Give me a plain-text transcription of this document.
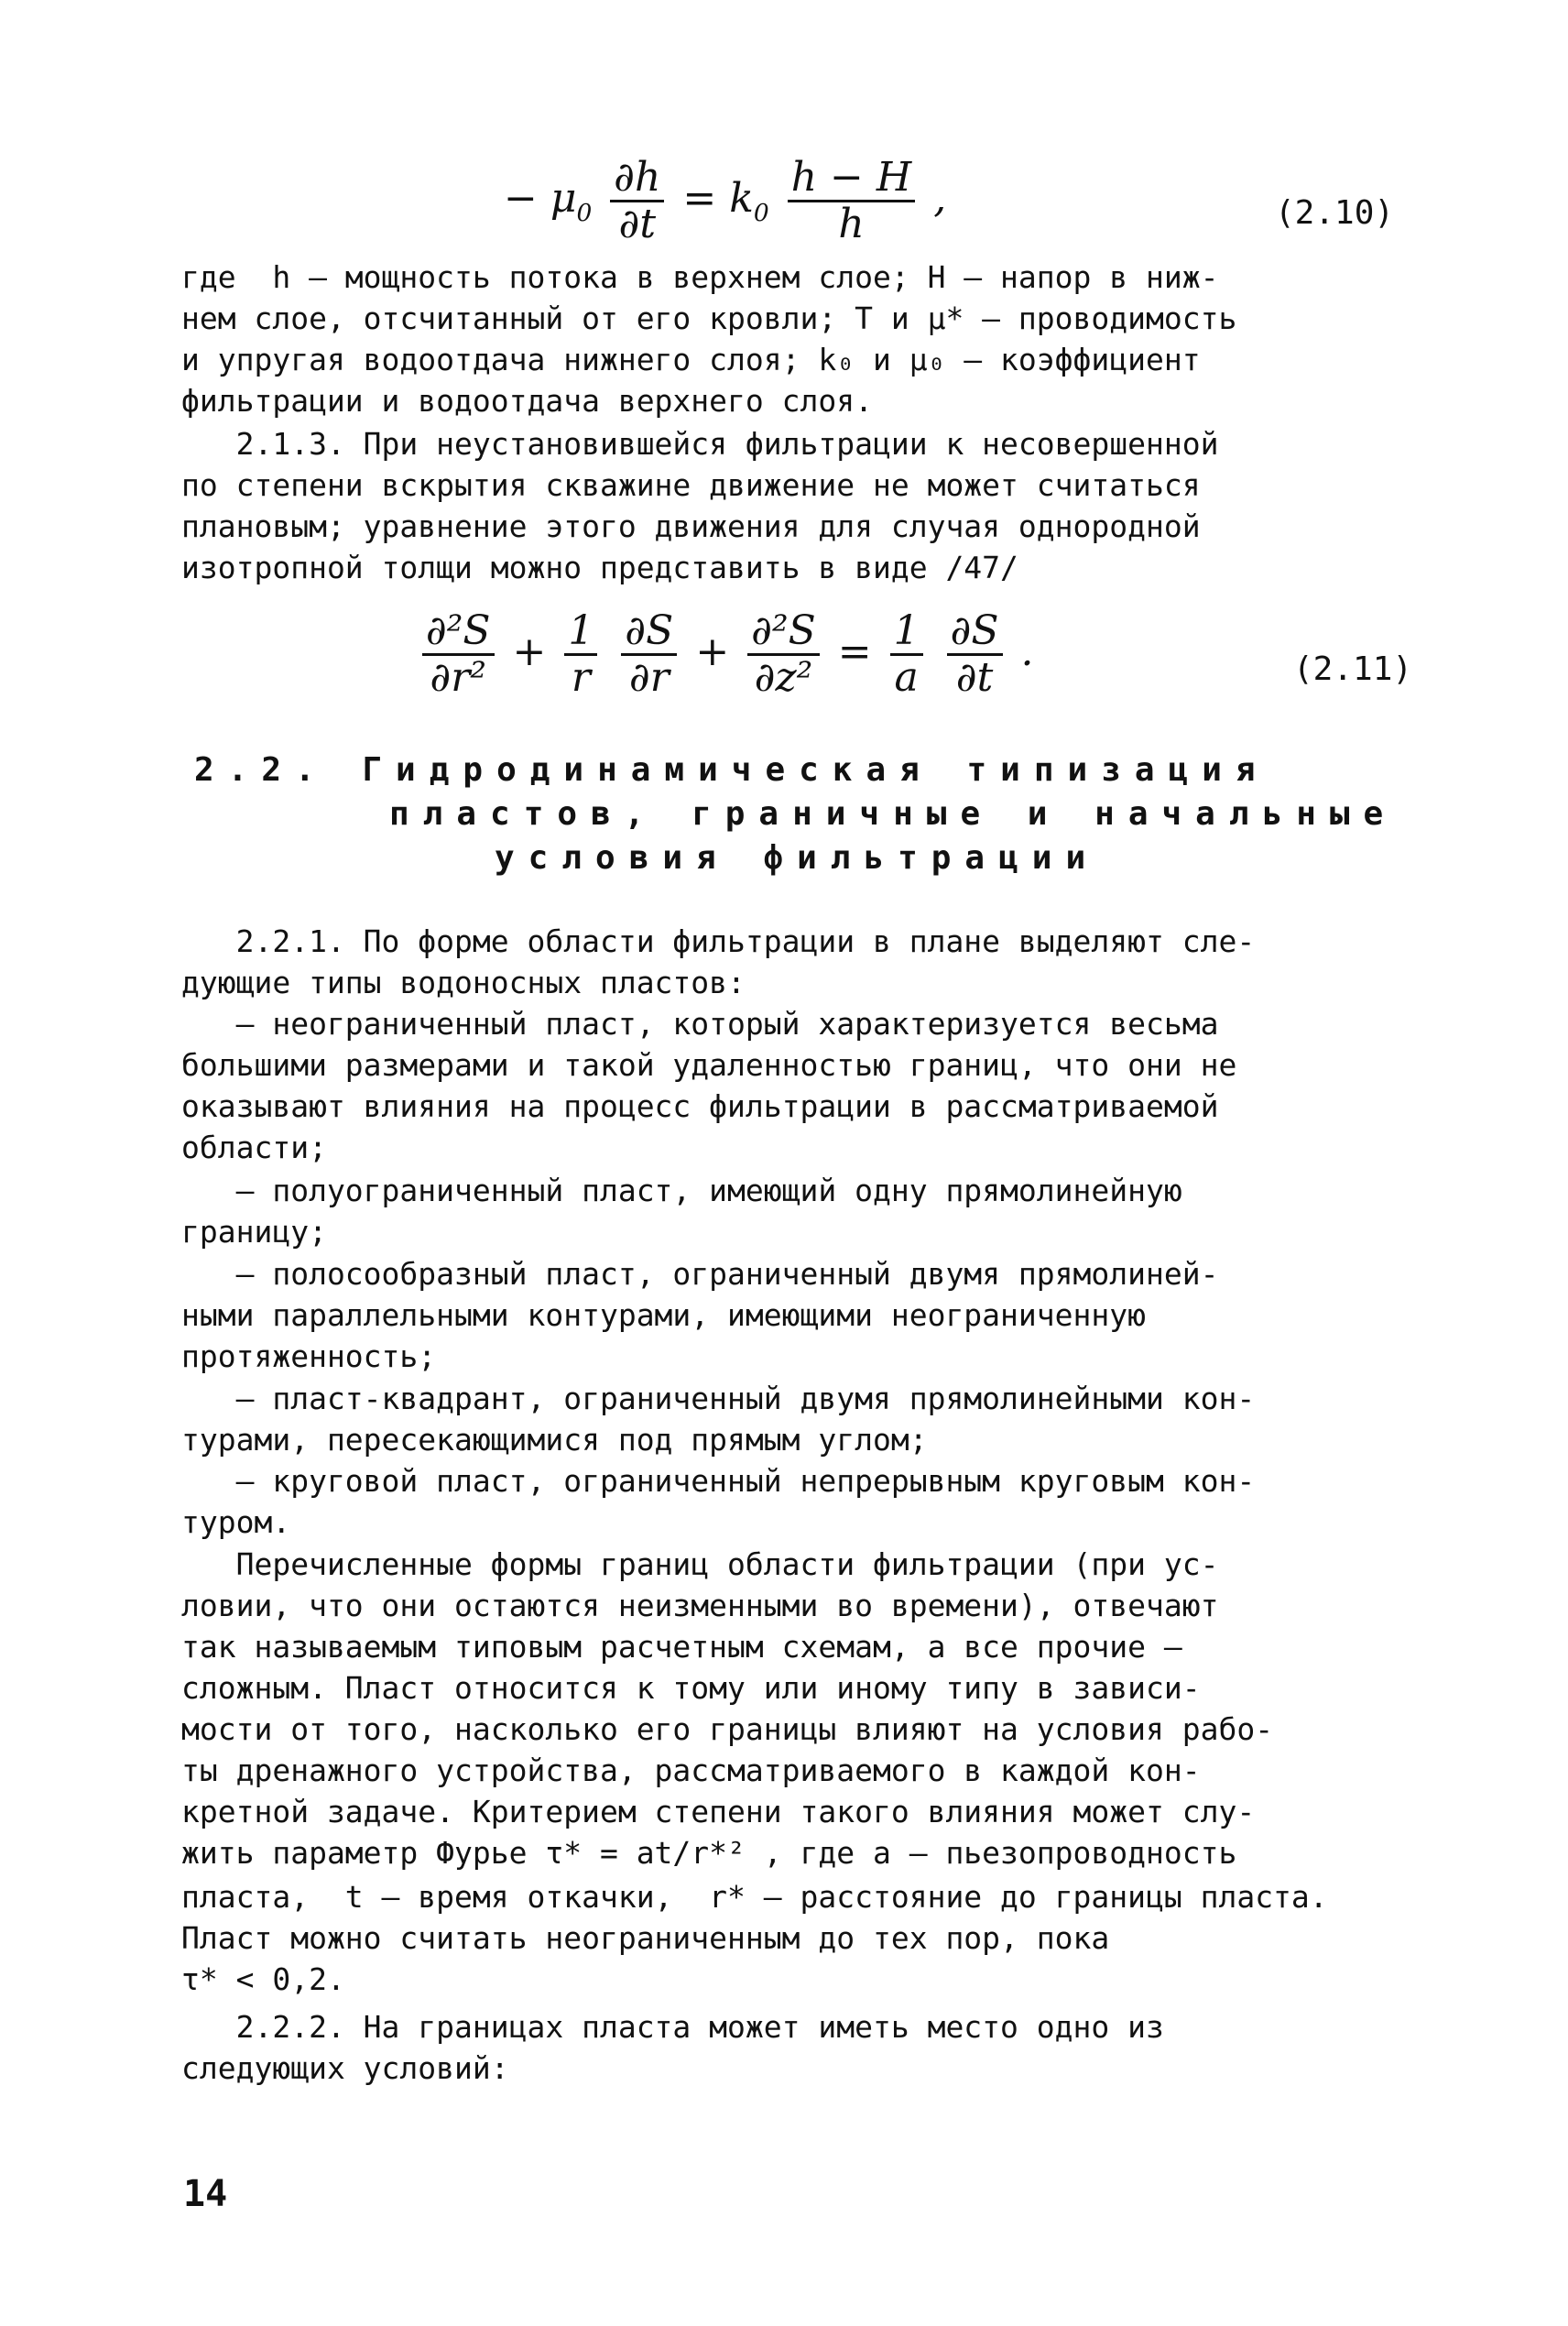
− $\mu_0 \frac{\partial h}{\partial t} = k_0 \frac{h - H}{h}$ ,	(2.10)
где  h – мощность потока в верхнем слое; H – напор в ниж-
нем слое, отсчитанный от его кровли; T и μ* – проводимость
и упругая водоотдача нижнего слоя; k₀ и μ₀ – коэффициент
фильтрации и водоотдача верхнего слоя.
2.1.3. При неустановившейся фильтрации к несовершенной
по степени вскрытия скважине движение не может считаться
плановым; уравнение этого движения для случая однородной
изотропной толщи можно представить в виде /47/
$\frac{\text{∂²S}}{\text{∂r²}} + \frac{1}{r}$
$\frac{\partial S}{\partial r} + \frac{\text{∂²S}}{\text{∂z²}} = \frac{1}{a}$
$\frac{\partial S}{\partial t}$ .	(2.11)
2.2. Гидродинамическая типизация
пластов, граничные и начальные
условия фильтрации
2.2.1. По форме области фильтрации в плане выделяют сле-
дующие типы водоносных пластов:
– неограниченный пласт, который характеризуется весьма
большими размерами и такой удаленностью границ, что они не
оказывают влияния на процесс фильтрации в рассматриваемой
области;
– полуограниченный пласт, имеющий одну прямолинейную
границу;
– полосообразный пласт, ограниченный двумя прямолиней-
ными параллельными контурами, имеющими неограниченную
протяженность;
– пласт-квадрант, ограниченный двумя прямолинейными кон-
турами, пересекающимися под прямым углом;
– круговой пласт, ограниченный непрерывным круговым кон-
туром.
Перечисленные формы границ области фильтрации (при ус-
ловии, что они остаются неизменными во времени), отвечают
так называемым типовым расчетным схемам, а все прочие –
сложным. Пласт относится к тому или иному типу в зависи-
мости от того, насколько его границы влияют на условия рабо-
ты дренажного устройства, рассматриваемого в каждой кон-
кретной задаче. Критерием степени такого влияния может слу-
жить параметр Фурье τ* = at/r*² , где a – пьезопроводность
пласта,  t – время откачки,  r* – расстояние до границы пласта.
Пласт можно считать неограниченным до тех пор, пока
τ* < 0,2.
2.2.2. На границах пласта может иметь место одно из
следующих условий:
14
